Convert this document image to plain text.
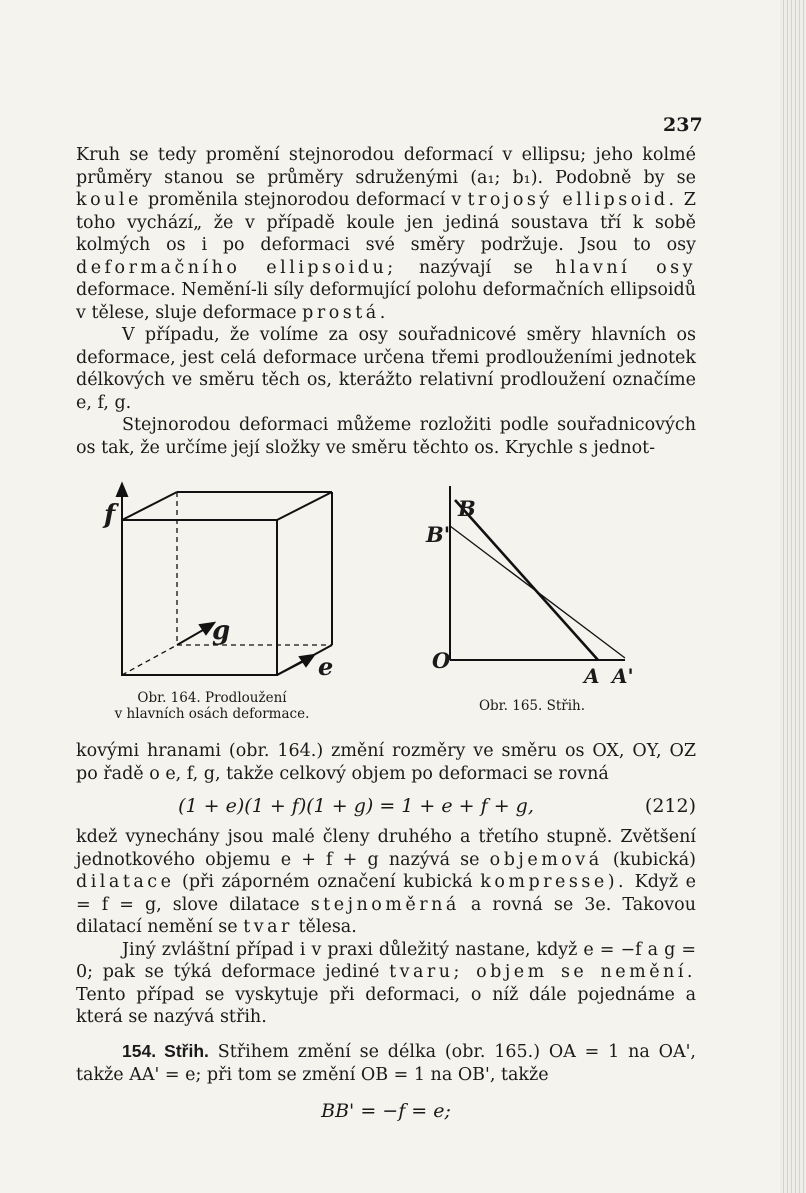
237

Kruh se tedy promění stejnorodou deformací v ellipsu; jeho kolmé průměry stanou se průměry sdruženými (a₁; b₁). Podobně by se koule proměnila stejnorodou deformací v trojosý ellipsoid. Z toho vychází„ že v případě koule jen jediná soustava tří k sobě kolmých os i po deformaci své směry podržuje. Jsou to osy deformačního ellipsoidu; nazývají se hlavní osy deformace. Nemění-li síly deformující polohu deformačních ellipsoidů v tělese, sluje deformace prostá.

V případu, že volíme za osy souřadnicové směry hlavních os deformace, jest celá deformace určena třemi prodlouženími jednotek délkových ve směru těch os, kterážto relativní prodloužení označíme e, f, g.

Stejnorodou deformaci můžeme rozložiti podle souřadnicových os tak, že určíme její složky ve směru těchto os. Krychle s jednot-

f
g
e
Obr. 164. Prodloužení
v hlavních osách deformace.
B
B'
O
A A'
Obr. 165. Střih.

kovými hranami (obr. 164.) změní rozměry ve směru os OX, OY, OZ po řadě o e, f, g, takže celkový objem po deformaci se rovná

(1 + e)(1 + f)(1 + g) = 1 + e + f + g,	(212)

kdež vynechány jsou malé členy druhého a třetího stupně. Zvětšení jednotkového objemu e + f + g nazývá se objemová (kubická) dilatace (při záporném označení kubická kompresse). Když e = f = g, slove dilatace stejnoměrná a rovná se 3e. Takovou dilatací nemění se tvar tělesa.

Jiný zvláštní případ i v praxi důležitý nastane, když e = −f a g = 0; pak se týká deformace jediné tvaru; objem se nemění. Tento případ se vyskytuje při deformaci, o níž dále pojednáme a která se nazývá střih.

154. Střih. Střihem změní se délka (obr. 165.) OA = 1 na OA', takže AA' = e; při tom se změní OB = 1 na OB', takže

BB' = −f = e;
